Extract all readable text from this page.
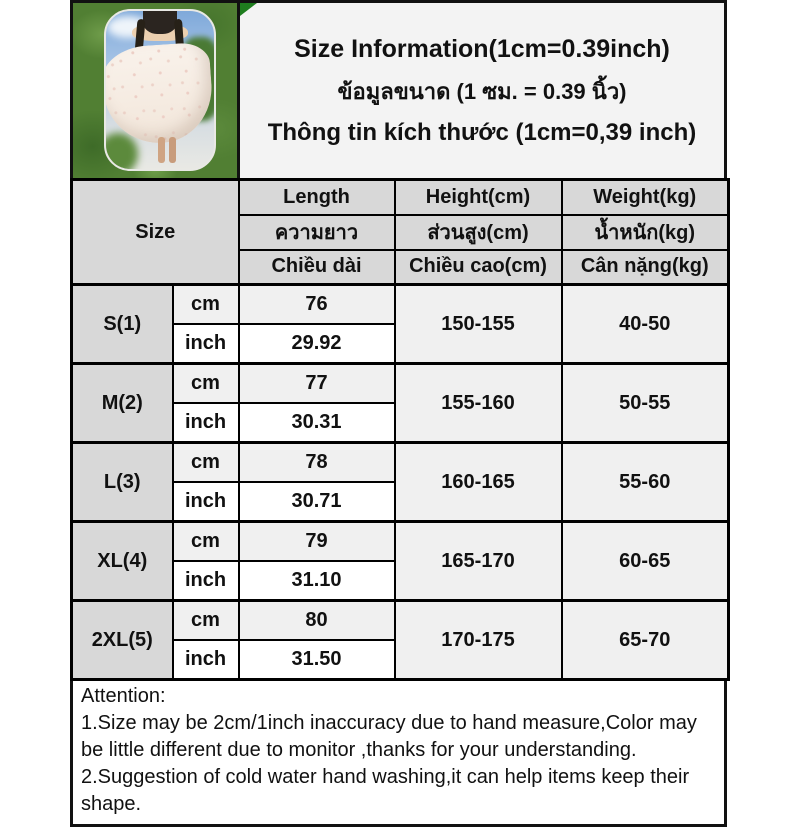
Size Information(1cm=0.39inch)
ข้อมูลขนาด (1 ซม. = 0.39 นิ้ว)
Thông tin kích thước (1cm=0,39 inch)
Size		Length	Height(cm)	Weight(kg)
		ความยาว	ส่วนสูง(cm)	น้ำหนัก(kg)
		Chiều dài	Chiều cao(cm)	Cân nặng(kg)
S(1)	cm	76	150-155	40-50
	inch	29.92		
M(2)	cm	77	155-160	50-55
	inch	30.31		
L(3)	cm	78	160-165	55-60
	inch	30.71		
XL(4)	cm	79	165-170	60-65
	inch	31.10		
2XL(5)	cm	80	170-175	65-70
	inch	31.50		
Attention:
1.Size may be 2cm/1inch inaccuracy due to hand measure,Color may be little different due to monitor ,thanks for your understanding.
2.Suggestion of cold water hand washing,it can help items keep their shape.
